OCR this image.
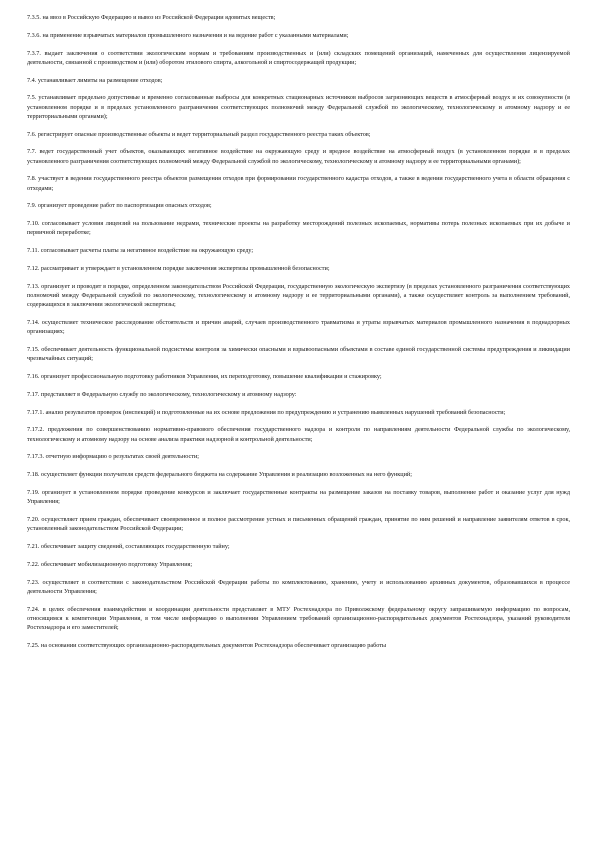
7.3.5. на ввоз в Российскую Федерацию и вывоз из Российской Федерации ядовитых веществ;

7.3.6. на применение взрывчатых материалов промышленного назначения и на ведение работ с указанными материалами;

7.3.7. выдает заключения о соответствии экологическим нормам и требованиям производственных и (или) складских помещений организаций, намеченных для осуществления лицензируемой деятельности, связанной с производством и (или) оборотом этилового спирта, алкогольной и спиртосодержащей продукции;

7.4. устанавливает лимиты на размещение отходов;

7.5. устанавливает предельно допустимые и временно согласованные выбросы для конкретных стационарных источников выбросов загрязняющих веществ в атмосферный воздух и их совокупности (в установленном порядке и в пределах установленного разграничения соответствующих полномочий между Федеральной службой по экологическому, технологическому и атомному надзору и ее территориальными органами);

7.6. регистрирует опасные производственные объекты и ведет территориальный раздел государственного реестра таких объектов;

7.7. ведет государственный учет объектов, оказывающих негативное воздействие на окружающую среду и вредное воздействие на атмосферный воздух (в установленном порядке и в пределах установленного разграничения соответствующих полномочий между Федеральной службой по экологическому, технологическому и атомному надзору и ее территориальными органами);

7.8. участвует в ведении государственного реестра объектов размещения отходов при формировании государственного кадастра отходов, а также в ведении государственного учета в области обращения с отходами;

7.9. организует проведение работ по паспортизации опасных отходов;

7.10. согласовывает условия лицензий на пользование недрами, технические проекты на разработку месторождений полезных ископаемых, нормативы потерь полезных ископаемых при их добыче и первичной переработке;

7.11. согласовывает расчеты платы за негативное воздействие на окружающую среду;

7.12. рассматривает и утверждает в установленном порядке заключения экспертизы промышленной безопасности;

7.13. организует и проводит в порядке, определенном законодательством Российской Федерации, государственную экологическую экспертизу (в пределах установленного разграничения соответствующих полномочий между Федеральной службой по экологическому, технологическому и атомному надзору и ее территориальными органами), а также осуществляет контроль за выполнением требований, содержащихся в заключении экологической экспертизы;

7.14. осуществляет техническое расследование обстоятельств и причин аварий, случаев производственного травматизма и утраты взрывчатых материалов промышленного назначения в поднадзорных организациях;

7.15. обеспечивает деятельность функциональной подсистемы контроля за химически опасными и взрывоопасными объектами в составе единой государственной системы предупреждения и ликвидации чрезвычайных ситуаций;

7.16. организует профессиональную подготовку работников Управления, их переподготовку, повышение квалификации и стажировку;

7.17. представляет в Федеральную службу по экологическому, технологическому и атомному надзору:

7.17.1. анализ результатов проверок (инспекций) и подготовленные на их основе предложения по предупреждению и устранению выявленных нарушений требований безопасности;

7.17.2. предложения по совершенствованию нормативно-правового обеспечения государственного надзора и контроля по направлениям деятельности Федеральной службы по экологическому, технологическому и атомному надзору на основе анализа практики надзорной и контрольной деятельности;

7.17.3. отчетную информацию о результатах своей деятельности;

7.18. осуществляет функции получателя средств федерального бюджета на содержание Управления и реализацию возложенных на него функций;

7.19. организует в установленном порядке проведение конкурсов и заключает государственные контракты на размещение заказов на поставку товаров, выполнение работ и оказание услуг для нужд Управления;

7.20. осуществляет прием граждан, обеспечивает своевременное и полное рассмотрение устных и письменных обращений граждан, принятие по ним решений и направление заявителям ответов в срок, установленный законодательством Российской Федерации;

7.21. обеспечивает защиту сведений, составляющих государственную тайну;

7.22. обеспечивает мобилизационную подготовку Управления;

7.23. осуществляет в соответствии с законодательством Российской Федерации работы по комплектованию, хранению, учету и использованию архивных документов, образовавшихся в процессе деятельности Управления;

7.24. в целях обеспечения взаимодействия и координации деятельности представляет в МТУ Ростехнадзора по Приволжскому федеральному округу запрашиваемую информацию по вопросам, относящимся к компетенции Управления, в том числе информацию о выполнении Управлением требований организационно-распорядительных документов Ростехнадзора, указаний руководителя Ростехнадзора и его заместителей;

7.25. на основании соответствующих организационно-распорядительных документов Ростехнадзора обеспечивает организацию работы
